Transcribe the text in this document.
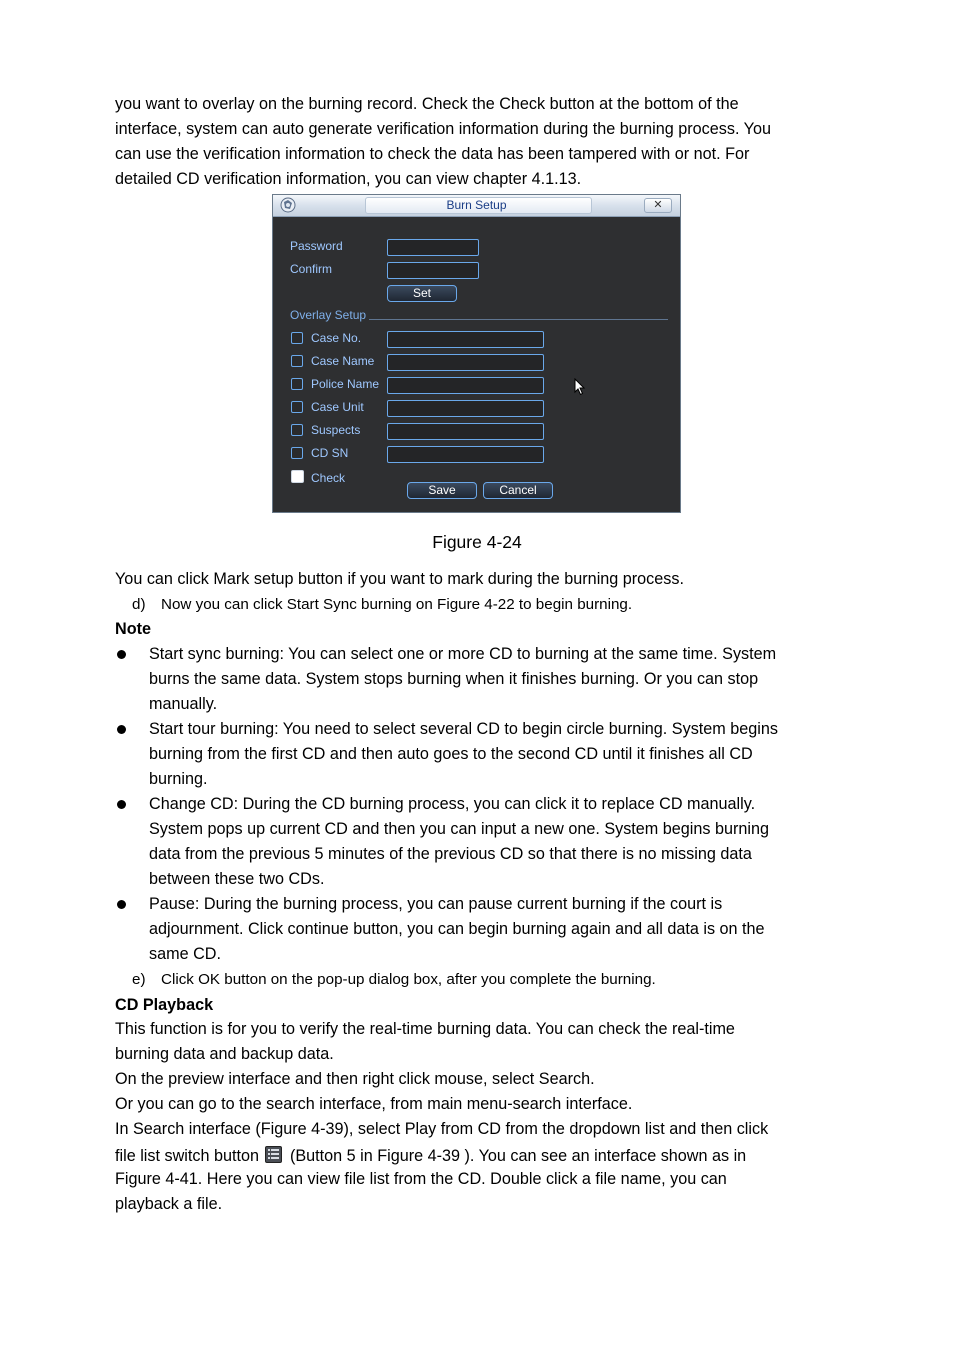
you want to overlay on the burning record. Check the Check button at the bottom of the
interface, system can auto generate verification information during the burning process. You
can use the verification information to check the data has been tampered with or not. For
detailed CD verification information, you can view chapter 4.1.13.
Burn Setup	✕
Password
Confirm
Set
Overlay Setup
Case No.
Case Name
Police Name
Case Unit
Suspects
CD SN
Check
Save	Cancel
Figure 4-24
You can click Mark setup button if you want to mark during the burning process.
d) Now you can click Start Sync burning on Figure 4-22 to begin burning.
Note
Start sync burning: You can select one or more CD to burning at the same time. System
burns the same data. System stops burning when it finishes burning. Or you can stop
manually.
Start tour burning: You need to select several CD to begin circle burning. System begins
burning from the first CD and then auto goes to the second CD until it finishes all CD
burning.
Change CD: During the CD burning process, you can click it to replace CD manually.
System pops up current CD and then you can input a new one. System begins burning
data from the previous 5 minutes of the previous CD so that there is no missing data
between these two CDs.
Pause: During the burning process, you can pause current burning if the court is
adjournment. Click continue button, you can begin burning again and all data is on the
same CD.
e) Click OK button on the pop-up dialog box, after you complete the burning.
CD Playback
This function is for you to verify the real-time burning data. You can check the real-time
burning data and backup data.
On the preview interface and then right click mouse, select Search.
Or you can go to the search interface, from main menu-search interface.
In Search interface (Figure 4-39), select Play from CD from the dropdown list and then click
file list switch button (Button 5 in Figure 4-39 ). You can see an interface shown as in
Figure 4-41. Here you can view file list from the CD. Double click a file name, you can
playback a file.
